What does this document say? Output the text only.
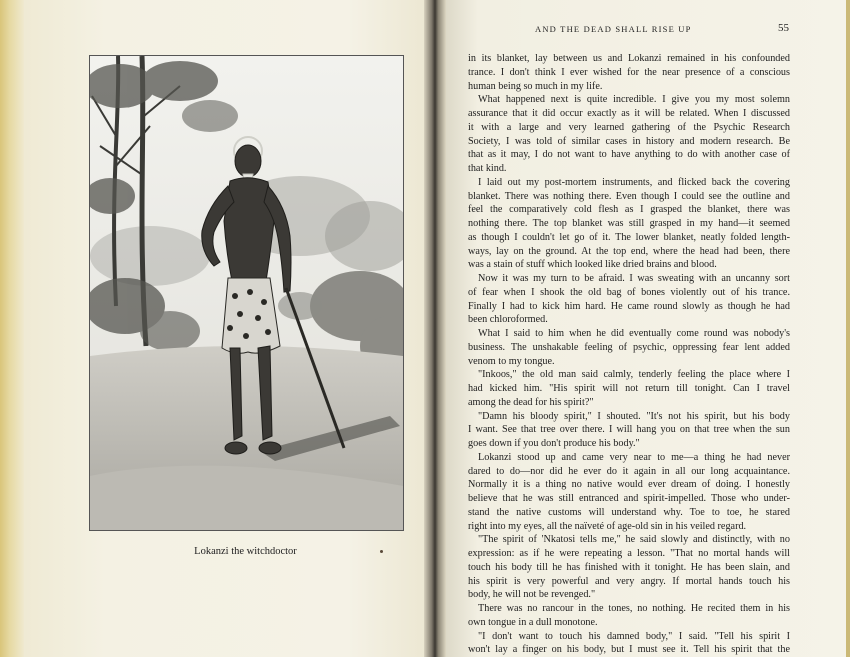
Lokanzi the witchdoctor
AND THE DEAD SHALL RISE UP	55
in its blanket, lay between us and Lokanzi remained in his confounded
trance. I don't think I ever wished for the near presence of a conscious
human being so much in my life.
What happened next is quite incredible. I give you my most solemn
assurance that it did occur exactly as it will be related. When I discussed
it with a large and very learned gathering of the Psychic Research
Society, I was told of similar cases in history and modern research. Be
that as it may, I do not want to have anything to do with another case of
that kind.
I laid out my post-mortem instruments, and flicked back the covering
blanket. There was nothing there. Even though I could see the outline and
feel the comparatively cold flesh as I grasped the blanket, there was
nothing there. The top blanket was still grasped in my hand—it seemed
as though I couldn't let go of it. The lower blanket, neatly folded length-
ways, lay on the ground. At the top end, where the head had been, there
was a stain of stuff which looked like dried brains and blood.
Now it was my turn to be afraid. I was sweating with an uncanny sort
of fear when I shook the old bag of bones violently out of his trance.
Finally I had to kick him hard. He came round slowly as though he had
been chloroformed.
What I said to him when he did eventually come round was nobody's
business. The unshakable feeling of psychic, oppressing fear lent added
venom to my tongue.
"Inkoos," the old man said calmly, tenderly feeling the place where I
had kicked him. "His spirit will not return till tonight. Can I travel
among the dead for his spirit?"
"Damn his bloody spirit," I shouted. "It's not his spirit, but his body
I want. See that tree over there. I will hang you on that tree when the sun
goes down if you don't produce his body."
Lokanzi stood up and came very near to me—a thing he had never
dared to do—nor did he ever do it again in all our long acquaintance.
Normally it is a thing no native would ever dream of doing. I honestly
believe that he was still entranced and spirit-impelled. Those who under-
stand the native customs will understand why. Toe to toe, he stared
right into my eyes, all the naïveté of age-old sin in his veiled regard.
"The spirit of 'Nkatosi tells me," he said slowly and distinctly, with no
expression: as if he were repeating a lesson. "That no mortal hands will
touch his body till he has finished with it tonight. He has been slain, and
his spirit is very powerful and very angry. If mortal hands touch his
body, he will not be revenged."
There was no rancour in the tones, no nothing. He recited them in his
own tongue in a dull monotone.
"I don't want to touch his damned body," I said. "Tell his spirit I
won't lay a finger on his body, but I must see it. Tell his spirit that the
